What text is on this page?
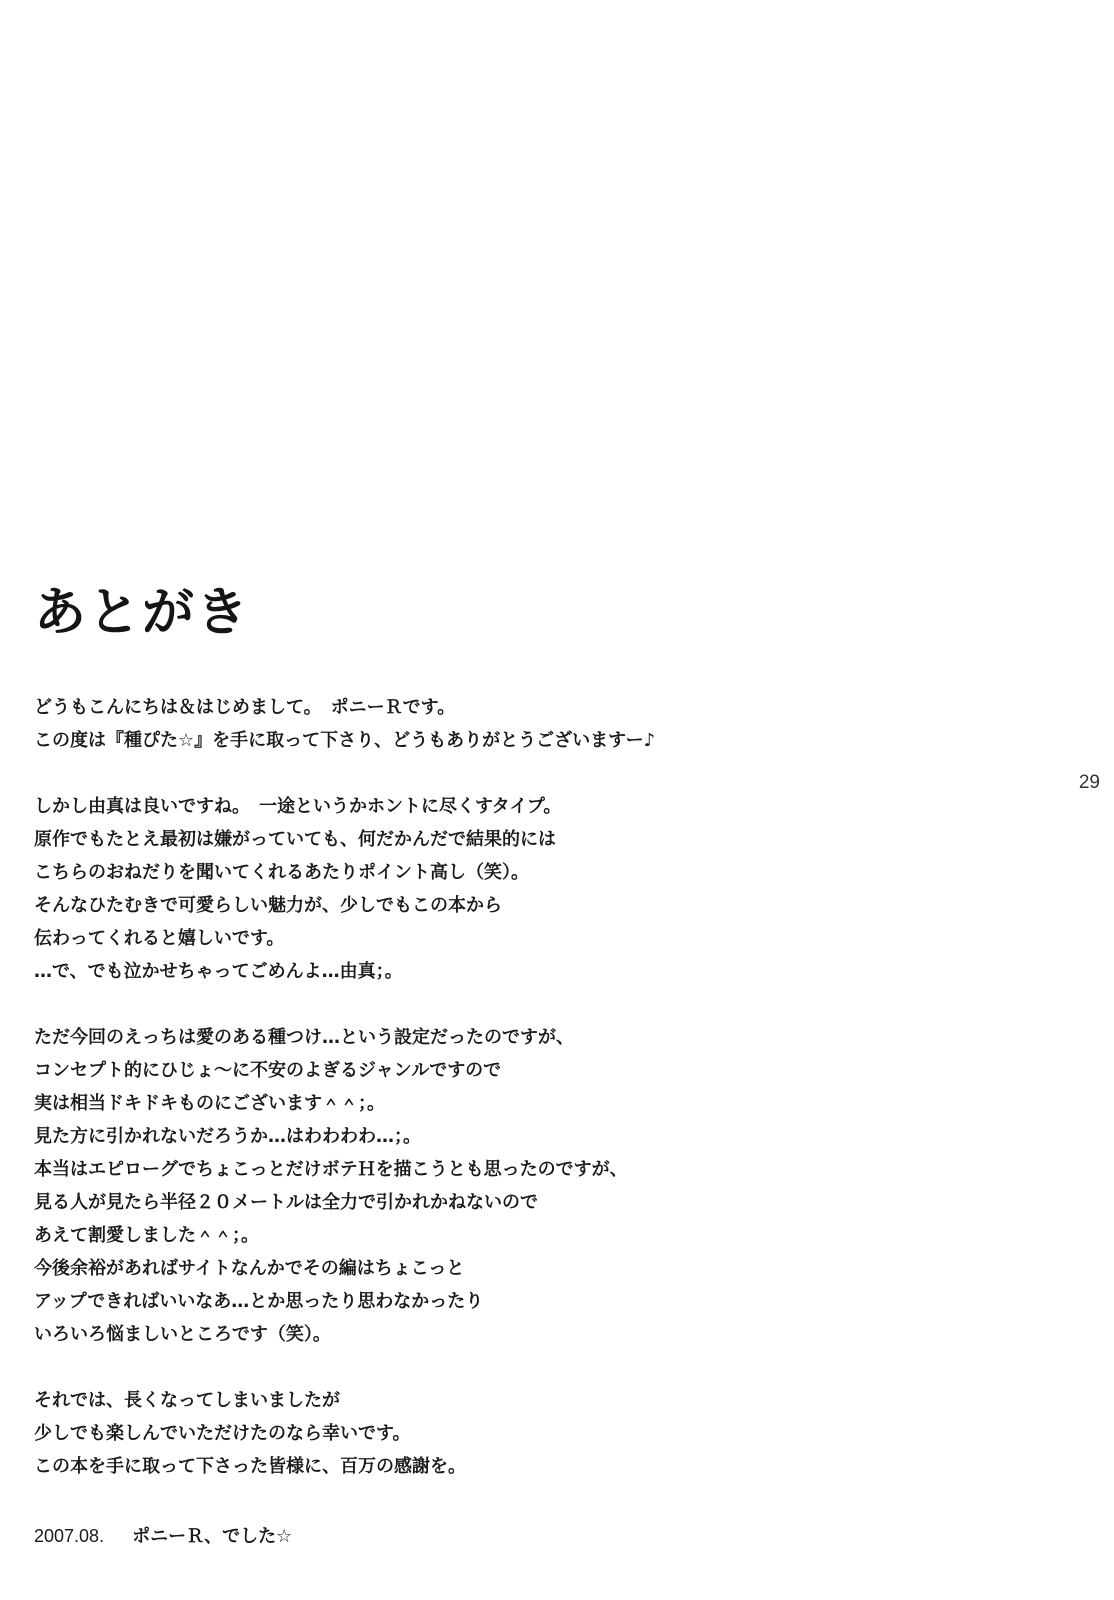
あとがき
29
どうもこんにちは＆はじめまして。　ポニーＲです。
この度は『種ぴた☆』を手に取って下さり、どうもありがとうございますー♪
しかし由真は良いですね。　一途というかホントに尽くすタイプ。
原作でもたとえ最初は嫌がっていても、何だかんだで結果的には
こちらのおねだりを聞いてくれるあたりポイント高し（笑）。
そんなひたむきで可愛らしい魅力が、少しでもこの本から
伝わってくれると嬉しいです。
…で、でも泣かせちゃってごめんよ…由真；。
ただ今回のえっちは愛のある種つけ…という設定だったのですが、
コンセプト的にひじょ～に不安のよぎるジャンルですので
実は相当ドキドキものにございます＾＾；。
見た方に引かれないだろうか…はわわわわ…；。
本当はエピローグでちょこっとだけボテＨを描こうとも思ったのですが、
見る人が見たら半径２０メートルは全力で引かれかねないので
あえて割愛しました＾＾；。
今後余裕があればサイトなんかでその編はちょこっと
アップできればいいなあ…とか思ったり思わなかったり
いろいろ悩ましいところです（笑）。
それでは、長くなってしまいましたが
少しでも楽しんでいただけたのなら幸いです。
この本を手に取って下さった皆様に、百万の感謝を。
2007.08. ポニーＲ、でした☆
